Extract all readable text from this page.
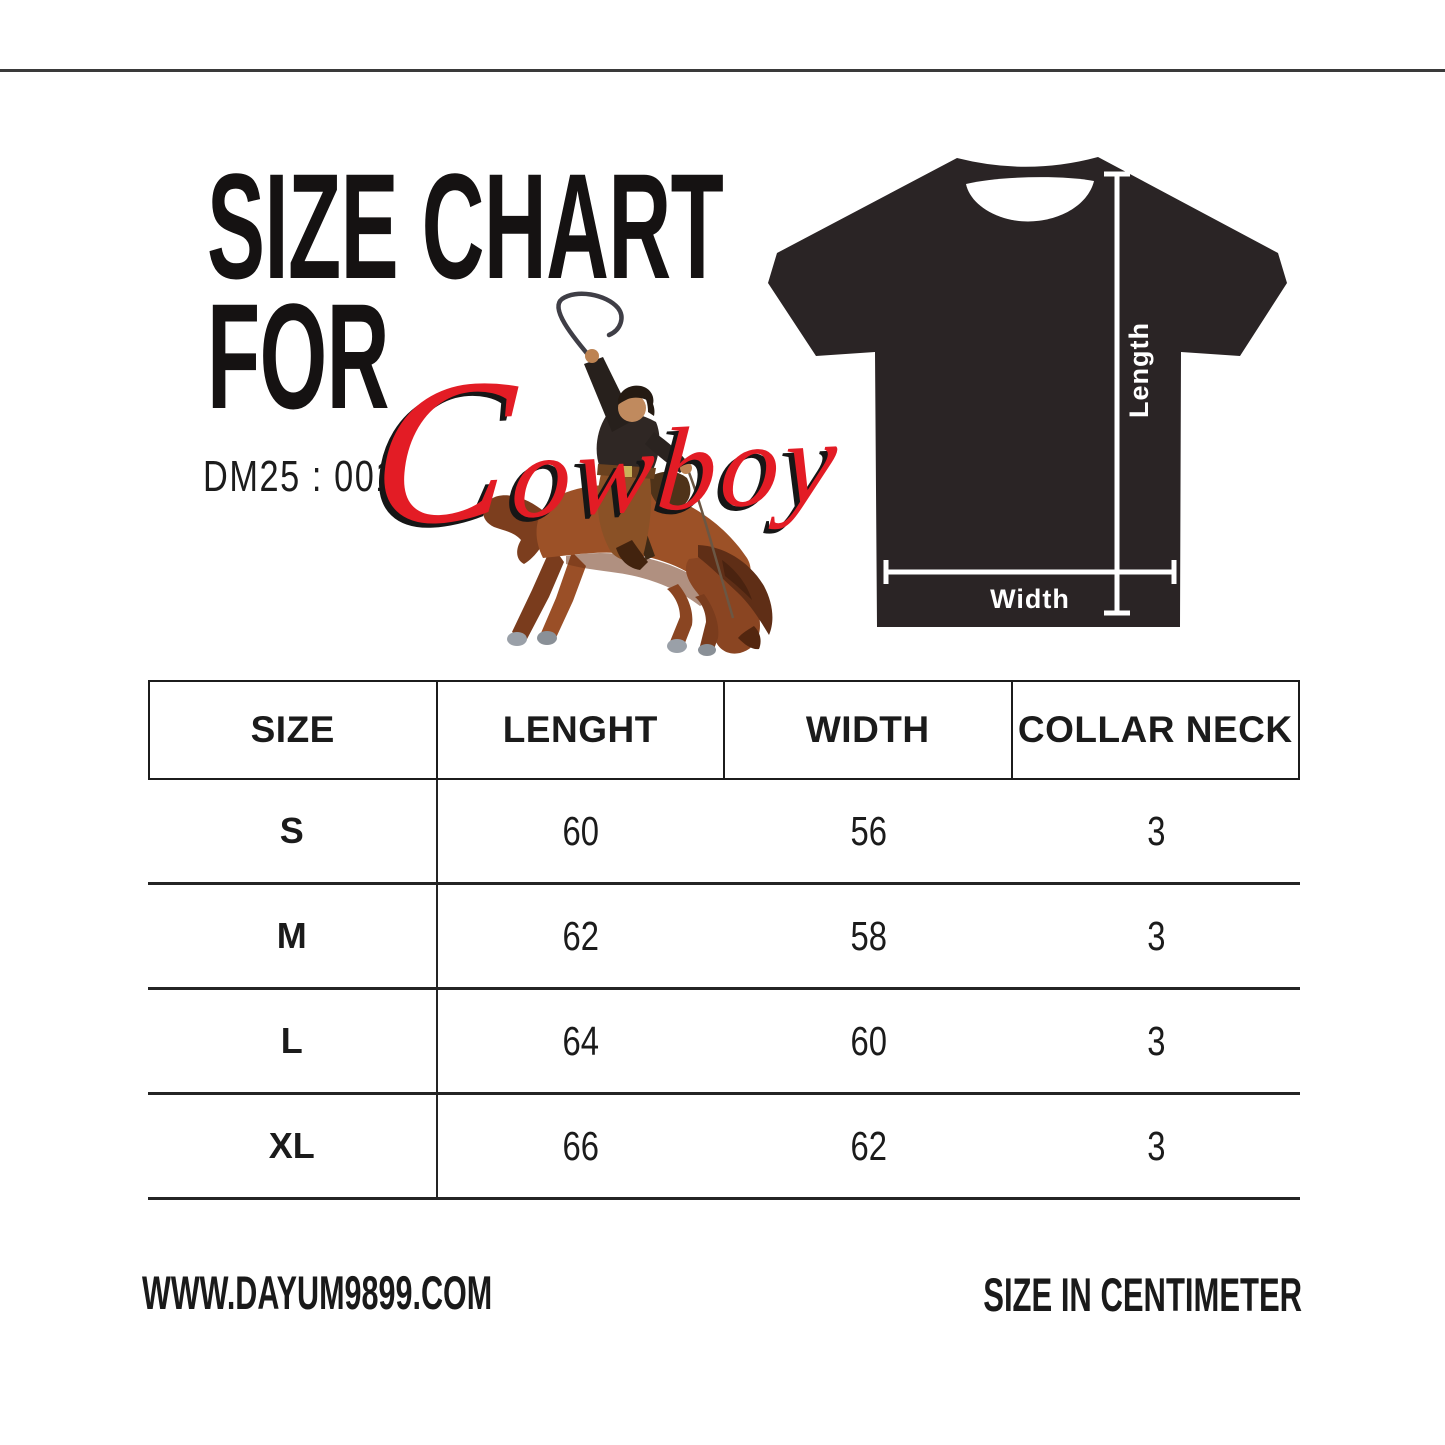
SIZE CHART
FOR
DM25 : 001
Cowboy
Length
Width
SIZE	LENGHT	WIDTH	COLLAR NECK
S	60	56	3
M	62	58	3
L	64	60	3
XL	66	62	3
WWW.DAYUM9899.COM	SIZE IN CENTIMETER
